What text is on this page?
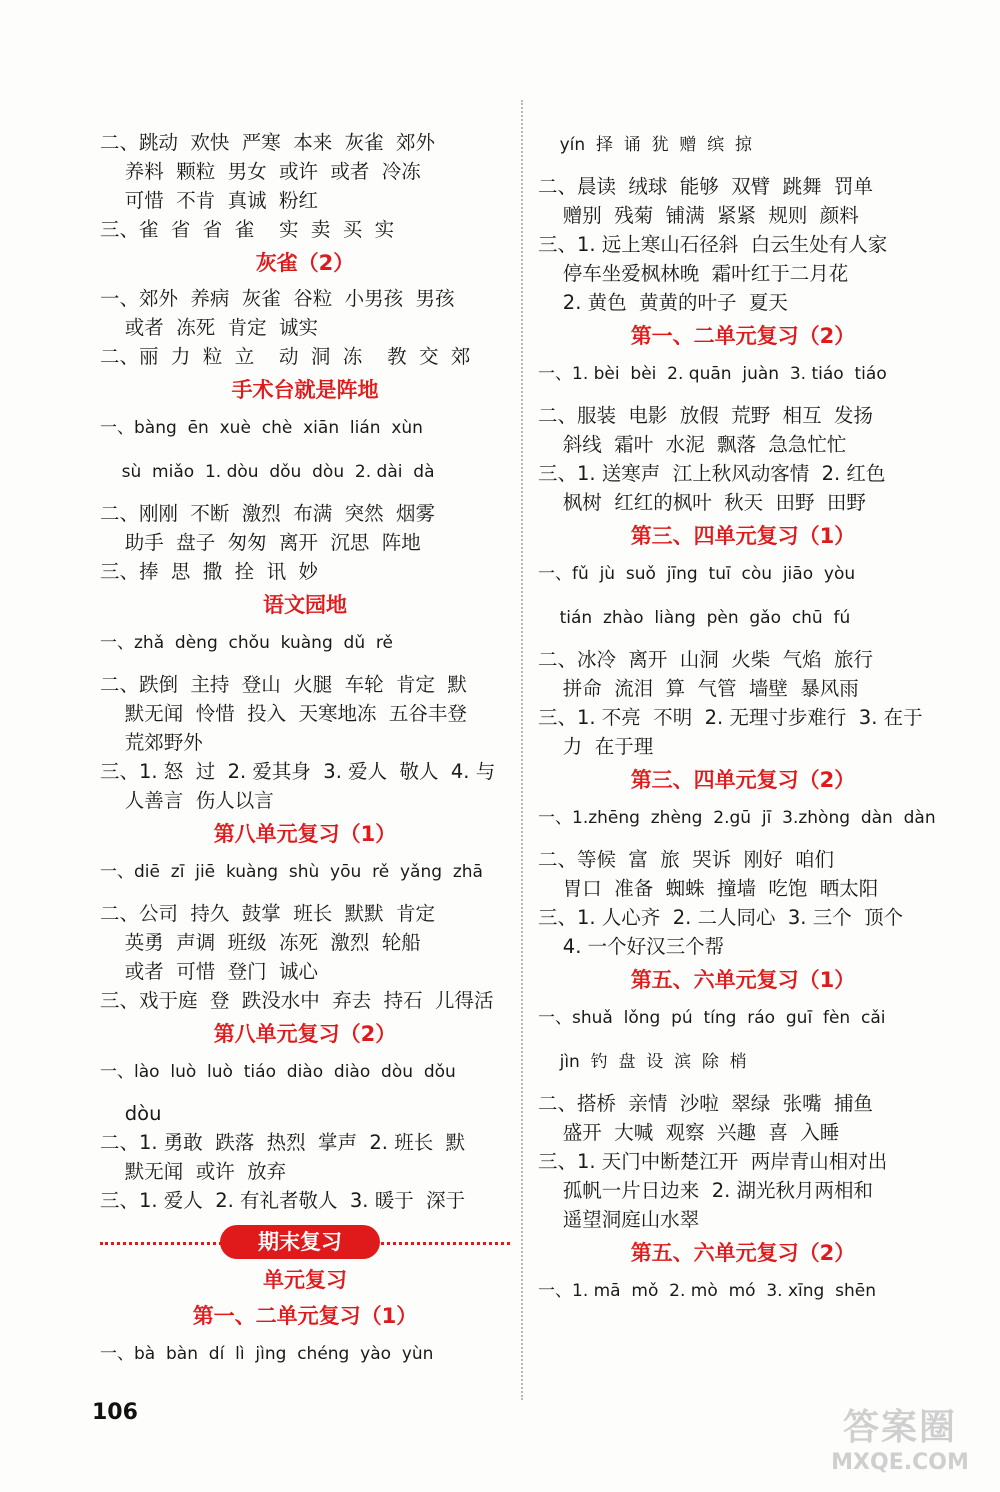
二、跳动  欢快  严寒  本来  灰雀  郊外
养料  颗粒  男女  或许  或者  冷冻
可惜  不肯  真诚  粉红
三、雀  省  省  雀    实  卖  买  实
灰雀（2）
一、郊外  养病  灰雀  谷粒  小男孩  男孩
或者  冻死  肯定  诚实
二、丽  力  粒  立    动  洞  冻    教  交  郊
手术台就是阵地
一、bàng  ēn  xuè  chè  xiān  lián  xùn
sù  miǎo  1. dòu  dǒu  dòu  2. dài  dà
二、刚刚  不断  激烈  布满  突然  烟雾
助手  盘子  匆匆  离开  沉思  阵地
三、捧  思  撒  拴  讯  妙
语文园地
一、zhǎ  dèng  chǒu  kuàng  dǔ  rě
二、跌倒  主持  登山  火腿  车轮  肯定  默
默无闻  怜惜  投入  天寒地冻  五谷丰登
荒郊野外
三、1. 怒  过  2. 爱其身  3. 爱人  敬人  4. 与
人善言  伤人以言
第八单元复习（1）
一、diē  zī  jiē  kuàng  shù  yōu  rě  yǎng  zhā
二、公司  持久  鼓掌  班长  默默  肯定
英勇  声调  班级  冻死  激烈  轮船
或者  可惜  登门  诚心
三、戏于庭  登  跌没水中  弃去  持石  儿得活
第八单元复习（2）
一、lào  luò  luò  tiáo  diào  diào  dòu  dǒu
dòu
二、1. 勇敢  跌落  热烈  掌声  2. 班长  默
默无闻  或许  放弃
三、1. 爱人  2. 有礼者敬人  3. 暖于  深于
期末复习
单元复习
第一、二单元复习（1）
一、bà  bàn  dí  lì  jìng  chéng  yào  yùn
yín  择  诵  犹  赠  缤  掠
二、晨读  绒球  能够  双臂  跳舞  罚单
赠别  残菊  铺满  紧紧  规则  颜料
三、1. 远上寒山石径斜  白云生处有人家
停车坐爱枫林晚  霜叶红于二月花
2. 黄色  黄黄的叶子  夏天
第一、二单元复习（2）
一、1. bèi  bèi  2. quān  juàn  3. tiáo  tiáo
二、服装  电影  放假  荒野  相互  发扬
斜线  霜叶  水泥  飘落  急急忙忙
三、1. 送寒声  江上秋风动客情  2. 红色
枫树  红红的枫叶  秋天  田野  田野
第三、四单元复习（1）
一、fǔ  jù  suǒ  jīng  tuī  còu  jiāo  yòu
tián  zhào  liàng  pèn  gǎo  chū  fú
二、冰冷  离开  山洞  火柴  气焰  旅行
拼命  流泪  算  气管  墙壁  暴风雨
三、1. 不亮  不明  2. 无理寸步难行  3. 在于
力  在于理
第三、四单元复习（2）
一、1.zhēng  zhèng  2.gū  jī  3.zhòng  dàn  dàn
二、等候  富  旅  哭诉  刚好  咱们
胃口  准备  蜘蛛  撞墙  吃饱  晒太阳
三、1. 人心齐  2. 二人同心  3. 三个  顶个
4. 一个好汉三个帮
第五、六单元复习（1）
一、shuǎ  lǒng  pú  tíng  ráo  guī  fèn  cǎi
jìn  钓  盘  设  滨  除  梢
二、搭桥  亲情  沙啦  翠绿  张嘴  捕鱼
盛开  大喊  观察  兴趣  喜  入睡
三、1. 天门中断楚江开  两岸青山相对出
孤帆一片日边来  2. 湖光秋月两相和
遥望洞庭山水翠
第五、六单元复习（2）
一、1. mā  mǒ  2. mò  mó  3. xīng  shēn
106	答案圈
MXQE.COM
